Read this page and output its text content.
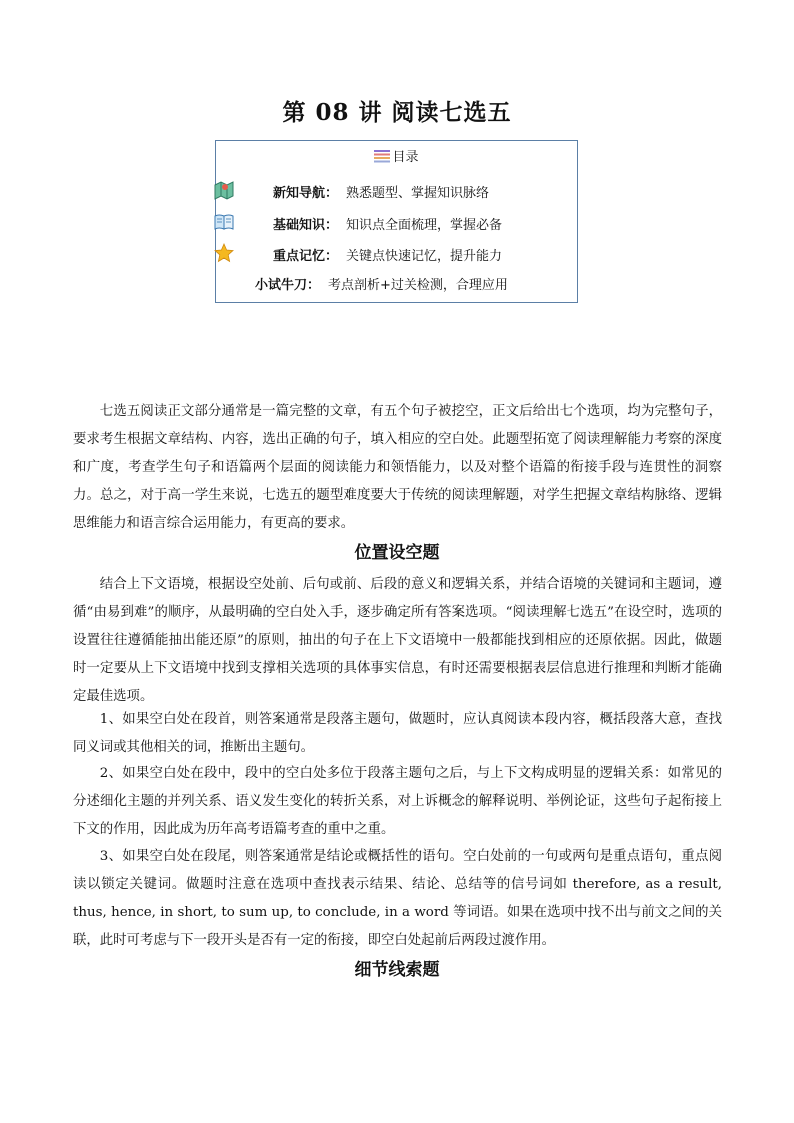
第 08 讲 阅读七选五
目录
新知导航： 熟悉题型、掌握知识脉络
基础知识： 知识点全面梳理，掌握必备
重点记忆： 关键点快速记忆，提升能力
小试牛刀： 考点剖析+过关检测，合理应用

七选五阅读正文部分通常是一篇完整的文章，有五个句子被挖空，正文后给出七个选项，均为完整句子，要求考生根据文章结构、内容，选出正确的句子，填入相应的空白处。此题型拓宽了阅读理解能力考察的深度和广度，考查学生句子和语篇两个层面的阅读能力和领悟能力，以及对整个语篇的衔接手段与连贯性的洞察力。总之，对于高一学生来说，七选五的题型难度要大于传统的阅读理解题，对学生把握文章结构脉络、逻辑思维能力和语言综合运用能力，有更高的要求。

位置设空题

结合上下文语境，根据设空处前、后句或前、后段的意义和逻辑关系，并结合语境的关键词和主题词，遵循“由易到难”的顺序，从最明确的空白处入手，逐步确定所有答案选项。“阅读理解七选五”在设空时，选项的设置往往遵循能抽出能还原”的原则，抽出的句子在上下文语境中一般都能找到相应的还原依据。因此，做题时一定要从上下文语境中找到支撑相关选项的具体事实信息，有时还需要根据表层信息进行推理和判断才能确定最佳选项。

1、如果空白处在段首，则答案通常是段落主题句，做题时，应认真阅读本段内容，概括段落大意，查找同义词或其他相关的词，推断出主题句。

2、如果空白处在段中，段中的空白处多位于段落主题句之后，与上下文构成明显的逻辑关系：如常见的分述细化主题的并列关系、语义发生变化的转折关系，对上诉概念的解释说明、举例论证，这些句子起衔接上下文的作用，因此成为历年高考语篇考查的重中之重。

3、如果空白处在段尾，则答案通常是结论或概括性的语句。空白处前的一句或两句是重点语句，重点阅读以锁定关键词。做题时注意在选项中查找表示结果、结论、总结等的信号词如 therefore, as a result, thus, hence, in short, to sum up, to conclude, in a word 等词语。如果在选项中找不出与前文之间的关联，此时可考虑与下一段开头是否有一定的衔接，即空白处起前后两段过渡作用。

细节线索题
